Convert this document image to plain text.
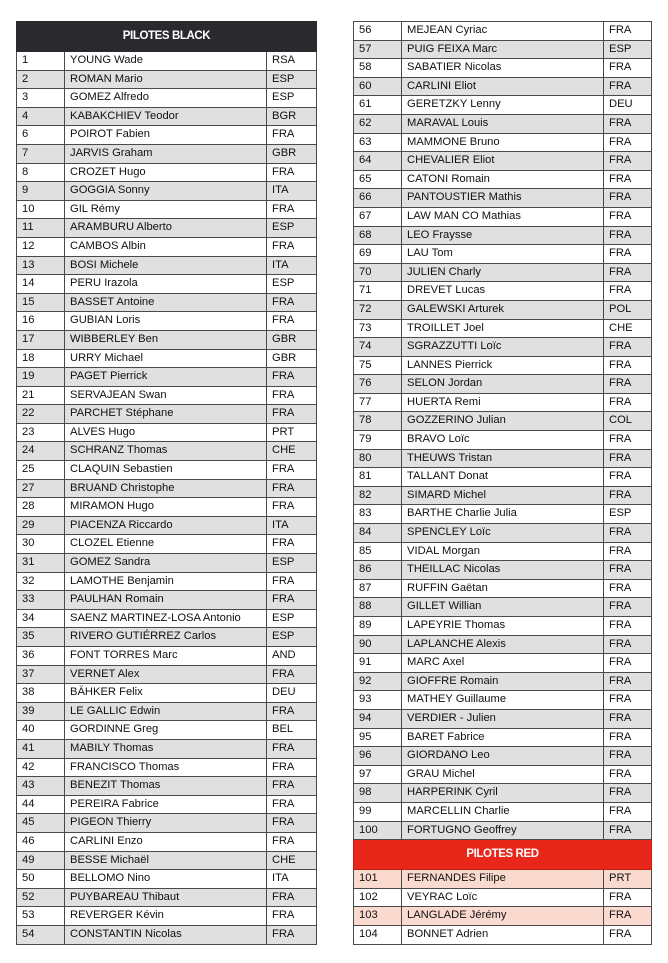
PILOTES BLACK		
1	YOUNG Wade	RSA
2	ROMAN Mario	ESP
3	GOMEZ Alfredo	ESP
4	KABAKCHIEV Teodor	BGR
6	POIROT Fabien	FRA
7	JARVIS Graham	GBR
8	CROZET Hugo	FRA
9	GOGGIA Sonny	ITA
10	GIL Rémy	FRA
11	ARAMBURU Alberto	ESP
12	CAMBOS Albin	FRA
13	BOSI Michele	ITA
14	PERU Irazola	ESP
15	BASSET Antoine	FRA
16	GUBIAN Loris	FRA
17	WIBBERLEY Ben	GBR
18	URRY Michael	GBR
19	PAGET Pierrick	FRA
21	SERVAJEAN Swan	FRA
22	PARCHET Stéphane	FRA
23	ALVES Hugo	PRT
24	SCHRANZ Thomas	CHE
25	CLAQUIN Sebastien	FRA
27	BRUAND Christophe	FRA
28	MIRAMON Hugo	FRA
29	PIACENZA Riccardo	ITA
30	CLOZEL Etienne	FRA
31	GOMEZ Sandra	ESP
32	LAMOTHE Benjamin	FRA
33	PAULHAN Romain	FRA
34	SAENZ MARTINEZ-LOSA Antonio	ESP
35	RIVERO GUTIÉRREZ Carlos	ESP
36	FONT TORRES Marc	AND
37	VERNET Alex	FRA
38	BÄHKER Felix	DEU
39	LE GALLIC Edwin	FRA
40	GORDINNE Greg	BEL
41	MABILY Thomas	FRA
42	FRANCISCO Thomas	FRA
43	BENEZIT Thomas	FRA
44	PEREIRA Fabrice	FRA
45	PIGEON Thierry	FRA
46	CARLINI Enzo	FRA
49	BESSE Michaël	CHE
50	BELLOMO Nino	ITA
52	PUYBAREAU Thibaut	FRA
53	REVERGER Kévin	FRA
54	CONSTANTIN Nicolas	FRA
56	MEJEAN Cyriac	FRA
57	PUIG FEIXA Marc	ESP
58	SABATIER Nicolas	FRA
60	CARLINI Eliot	FRA
61	GERETZKY Lenny	DEU
62	MARAVAL Louis	FRA
63	MAMMONE Bruno	FRA
64	CHEVALIER Eliot	FRA
65	CATONI Romain	FRA
66	PANTOUSTIER Mathis	FRA
67	LAW MAN CO Mathias	FRA
68	LEO Fraysse	FRA
69	LAU Tom	FRA
70	JULIEN Charly	FRA
71	DREVET Lucas	FRA
72	GALEWSKI Arturek	POL
73	TROILLET Joel	CHE
74	SGRAZZUTTI Loïc	FRA
75	LANNES Pierrick	FRA
76	SELON Jordan	FRA
77	HUERTA Remi	FRA
78	GOZZERINO Julian	COL
79	BRAVO Loïc	FRA
80	THEUWS Tristan	FRA
81	TALLANT Donat	FRA
82	SIMARD Michel	FRA
83	BARTHE Charlie Julia	ESP
84	SPENCLEY Loïc	FRA
85	VIDAL Morgan	FRA
86	THEILLAC Nicolas	FRA
87	RUFFIN Gaëtan	FRA
88	GILLET Willian	FRA
89	LAPEYRIE Thomas	FRA
90	LAPLANCHE Alexis	FRA
91	MARC Axel	FRA
92	GIOFFRE Romain	FRA
93	MATHEY Guillaume	FRA
94	VERDIER - Julien	FRA
95	BARET Fabrice	FRA
96	GIORDANO Leo	FRA
97	GRAU Michel	FRA
98	HARPERINK Cyril	FRA
99	MARCELLIN Charlie	FRA
100	FORTUGNO Geoffrey	FRA
PILOTES RED		
101	FERNANDES Filipe	PRT
102	VEYRAC Loïc	FRA
103	LANGLADE Jérémy	FRA
104	BONNET Adrien	FRA
